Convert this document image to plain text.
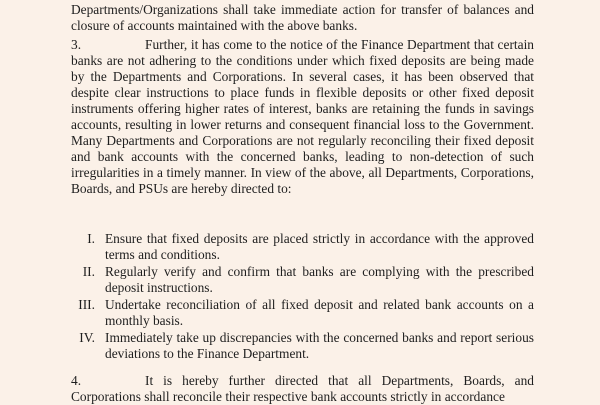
Departments/Organizations shall take immediate action for transfer of balances and closure of accounts maintained with the above banks.
3.	Further, it has come to the notice of the Finance Department that certain banks are not adhering to the conditions under which fixed deposits are being made by the Departments and Corporations. In several cases, it has been observed that despite clear instructions to place funds in flexible deposits or other fixed deposit instruments offering higher rates of interest, banks are retaining the funds in savings accounts, resulting in lower returns and consequent financial loss to the Government. Many Departments and Corporations are not regularly reconciling their fixed deposit and bank accounts with the concerned banks, leading to non-detection of such irregularities in a timely manner. In view of the above, all Departments, Corporations, Boards, and PSUs are hereby directed to:
I. Ensure that fixed deposits are placed strictly in accordance with the approved terms and conditions.
II. Regularly verify and confirm that banks are complying with the prescribed deposit instructions.
III. Undertake reconciliation of all fixed deposit and related bank accounts on a monthly basis.
IV. Immediately take up discrepancies with the concerned banks and report serious deviations to the Finance Department.
4.	It is hereby further directed that all Departments, Boards, and Corporations shall reconcile their respective bank accounts strictly in accordance
